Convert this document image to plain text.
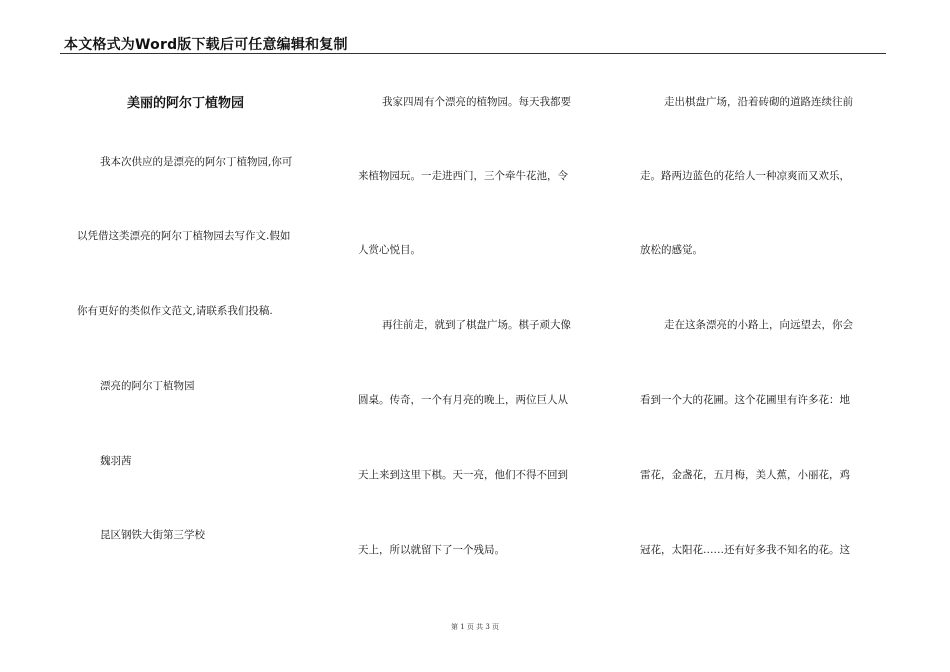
本文格式为Word版下载后可任意编辑和复制
美丽的阿尔丁植物园
我本次供应的是漂亮的阿尔丁植物园,你可
以凭借这类漂亮的阿尔丁植物园去写作文.假如
你有更好的类似作文范文,请联系我们投稿.
漂亮的阿尔丁植物园
魏羽茜
昆区钢铁大街第三学校
我家四周有个漂亮的植物园。每天我都要
来植物园玩。一走进西门，三个牵牛花池，令
人赏心悦目。
再往前走，就到了棋盘广场。棋子顽大像
圆桌。传奇，一个有月亮的晚上，两位巨人从
天上来到这里下棋。天一亮，他们不得不回到
天上，所以就留下了一个残局。
走出棋盘广场，沿着砖砌的道路连续往前
走。路两边蓝色的花给人一种凉爽而又欢乐，
放松的感觉。
走在这条漂亮的小路上，向远望去，你会
看到一个大的花圃。这个花圃里有许多花：地
雷花，金盏花，五月梅，美人蕉，小丽花，鸡
冠花，太阳花……还有好多我不知名的花。这
第 1 页 共 3 页
